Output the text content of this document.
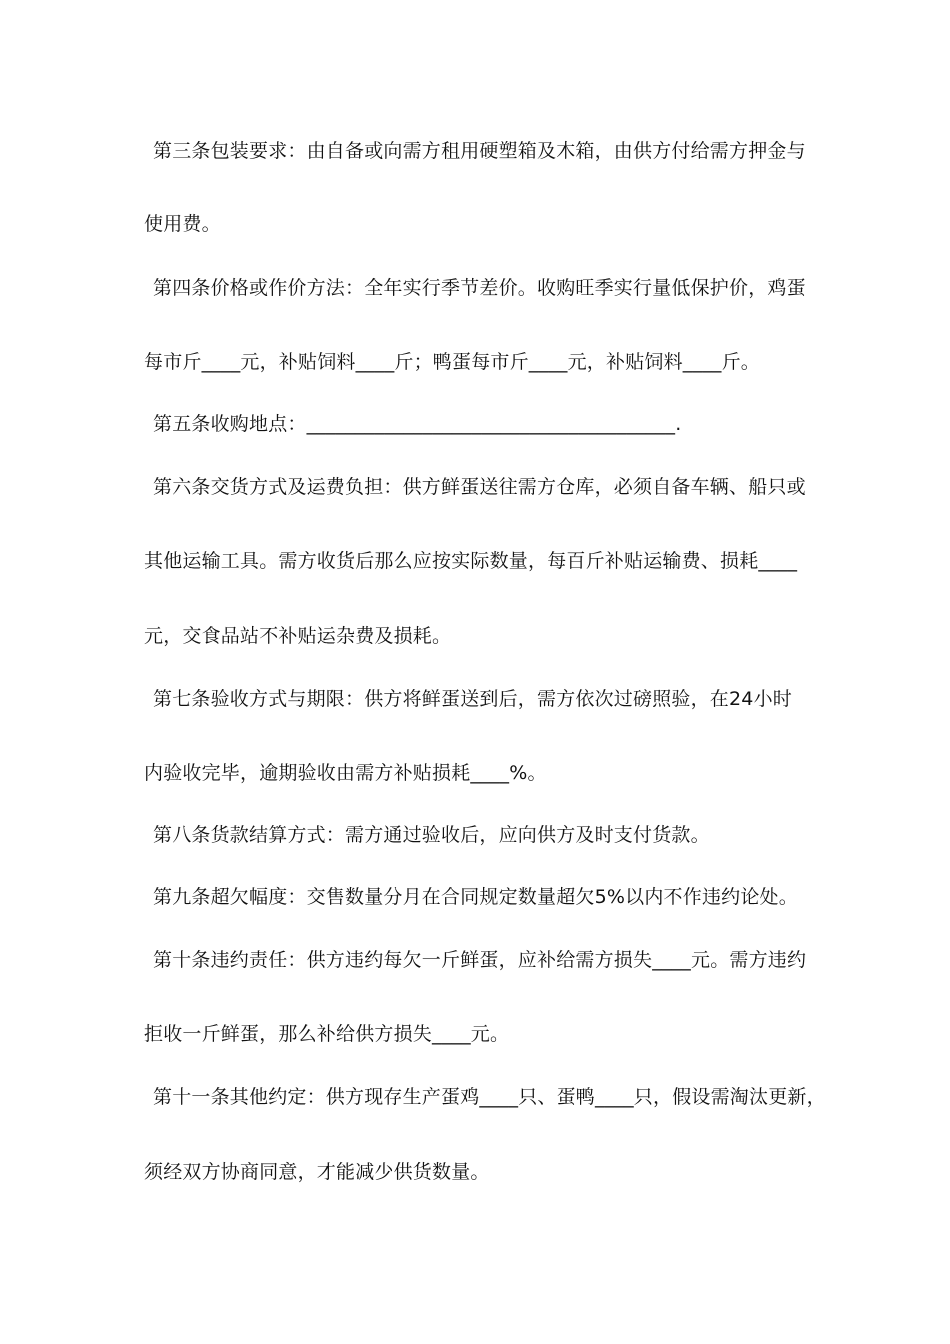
第三条包装要求：由自备或向需方租用硬塑箱及木箱，由供方付给需方押金与
使用费。
第四条价格或作价方法：全年实行季节差价。收购旺季实行量低保护价，鸡蛋
每市斤____元，补贴饲料____斤；鸭蛋每市斤____元，补贴饲料____斤。
第五条收购地点：______________________________________.
第六条交货方式及运费负担：供方鲜蛋送往需方仓库，必须自备车辆、船只或
其他运输工具。需方收货后那么应按实际数量，每百斤补贴运输费、损耗____
元，交食品站不补贴运杂费及损耗。
第七条验收方式与期限：供方将鲜蛋送到后，需方依次过磅照验，在24小时
内验收完毕，逾期验收由需方补贴损耗____%。
第八条货款结算方式：需方通过验收后，应向供方及时支付货款。
第九条超欠幅度：交售数量分月在合同规定数量超欠5%以内不作违约论处。
第十条违约责任：供方违约每欠一斤鲜蛋，应补给需方损失____元。需方违约
拒收一斤鲜蛋，那么补给供方损失____元。
第十一条其他约定：供方现存生产蛋鸡____只、蛋鸭____只，假设需淘汰更新，
须经双方协商同意，才能减少供货数量。
